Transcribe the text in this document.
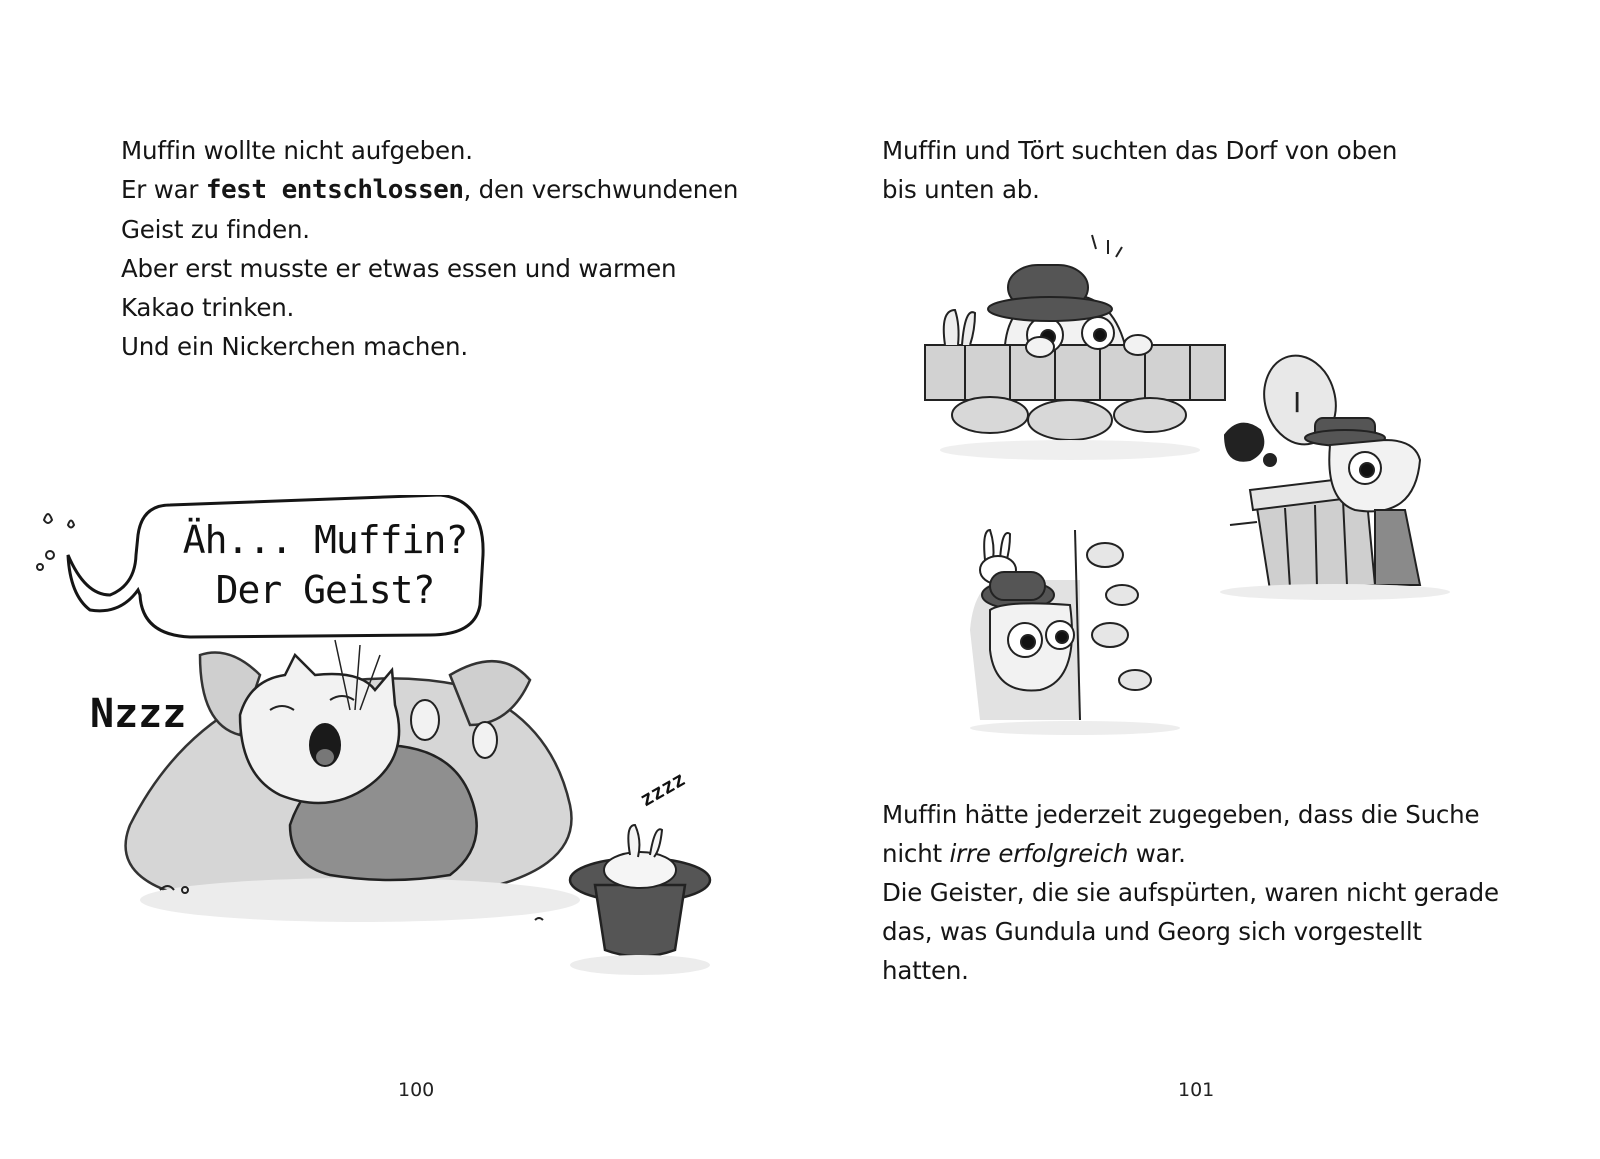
Muffin wollte nicht aufgeben.

Er war fest entschlossen, den verschwundenen

Geist zu finden.

Aber erst musste er etwas essen und warmen

Kakao trinken.

Und ein Nickerchen machen.

Nzzz
zzzz
Äh... Muffin?
Der Geist?
100

Muffin und Tört suchten das Dorf von oben

bis unten ab.

I

Muffin hätte jederzeit zugegeben, dass die Suche

nicht irre erfolgreich war.

Die Geister, die sie aufspürten, waren nicht gerade

das, was Gundula und Georg sich vorgestellt

hatten.

101
